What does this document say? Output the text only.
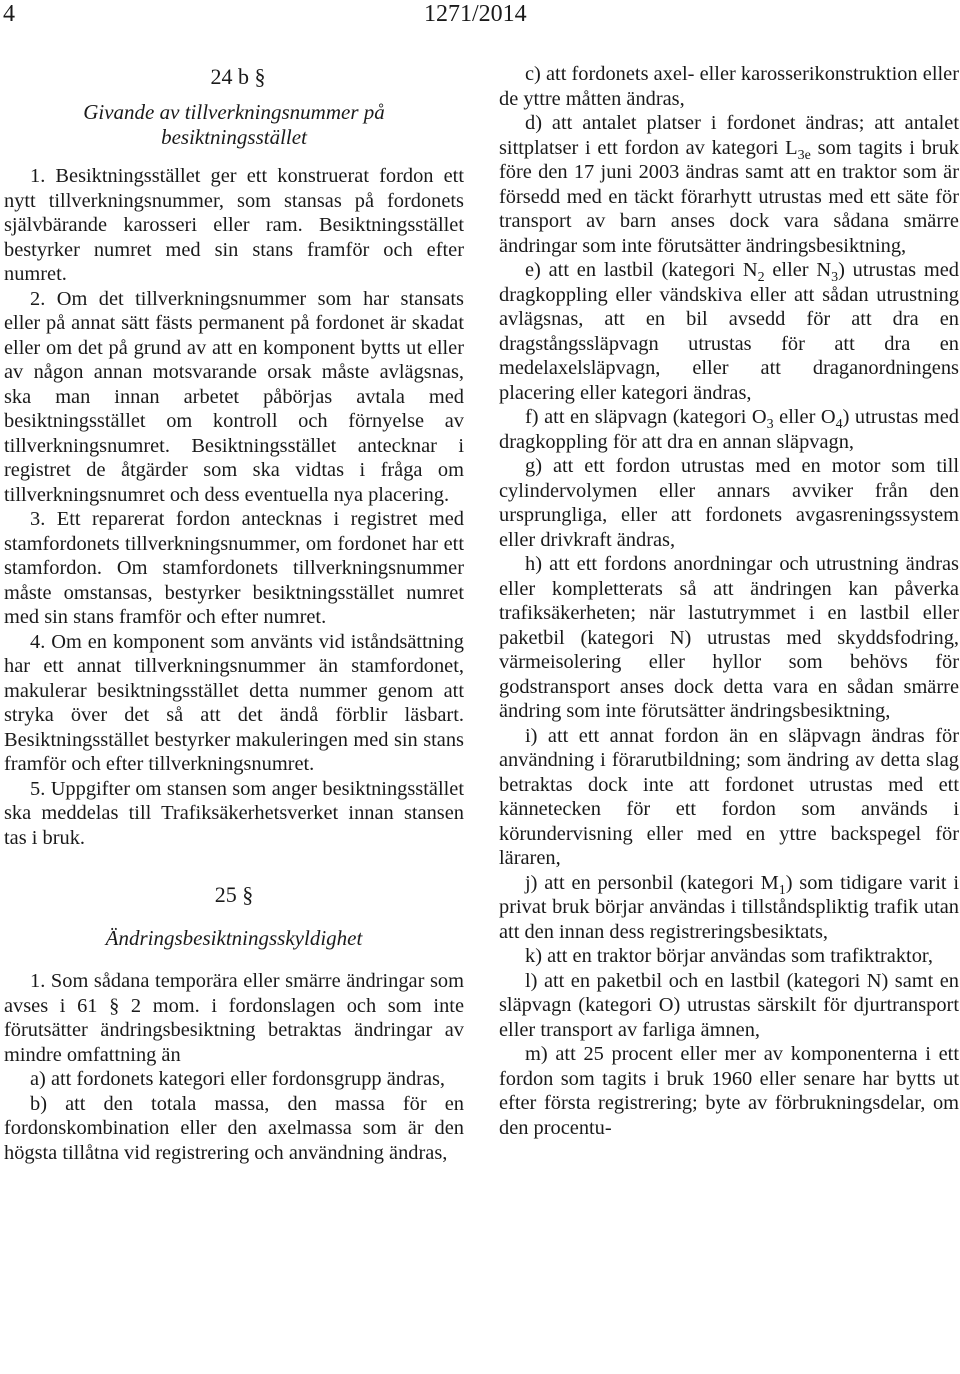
4	1271/2014

24 b §

Givande av tillverkningsnummer på besiktningsstället

1. Besiktningsstället ger ett konstruerat fordon ett nytt tillverkningsnummer, som stansas på fordonets självbärande karosseri eller ram. Besiktningsstället bestyrker numret med sin stans framför och efter numret.

2. Om det tillverkningsnummer som har stansats eller på annat sätt fästs permanent på fordonet är skadat eller om det på grund av att en komponent bytts ut eller av någon annan motsvarande orsak måste avlägsnas, ska man innan arbetet påbörjas avtala med besiktningsstället om kontroll och förnyelse av tillverkningsnumret. Besiktningsstället antecknar i registret de åtgärder som ska vidtas i fråga om tillverkningsnumret och dess eventuella nya placering.

3. Ett reparerat fordon antecknas i registret med stamfordonets tillverkningsnummer, om fordonet har ett stamfordon. Om stamfordonets tillverkningsnummer måste omstansas, bestyrker besiktningsstället numret med sin stans framför och efter numret.

4. Om en komponent som använts vid iståndsättning har ett annat tillverkningsnummer än stamfordonet, makulerar besiktningsstället detta nummer genom att stryka över det så att det ändå förblir läsbart. Besiktningsstället bestyrker makuleringen med sin stans framför och efter tillverkningsnumret.

5. Uppgifter om stansen som anger besiktningsstället ska meddelas till Trafiksäkerhetsverket innan stansen tas i bruk.

25 §

Ändringsbesiktningsskyldighet

1. Som sådana temporära eller smärre ändringar som avses i 61 § 2 mom. i fordonslagen och som inte förutsätter ändringsbesiktning betraktas ändringar av mindre omfattning än

a) att fordonets kategori eller fordonsgrupp ändras,

b) att den totala massa, den massa för en fordonskombination eller den axelmassa som är den högsta tillåtna vid registrering och användning ändras,

c) att fordonets axel- eller karosserikonstruktion eller de yttre måtten ändras,

d) att antalet platser i fordonet ändras; att antalet sittplatser i ett fordon av kategori $L_{3e}$ som tagits i bruk före den 17 juni 2003 ändras samt att en traktor som är försedd med en täckt förarhytt utrustas med ett säte för transport av barn anses dock vara sådana smärre ändringar som inte förutsätter ändringsbesiktning,

e) att en lastbil (kategori $N_2$ eller $N_3$) utrustas med dragkoppling eller vändskiva eller att sådan utrustning avlägsnas, att en bil avsedd för att dra en dragstångssläpvagn utrustas för att dra en medelaxelsläpvagn, eller att draganordningens placering eller kategori ändras,

f) att en släpvagn (kategori $O_3$ eller $O_4$) utrustas med dragkoppling för att dra en annan släpvagn,

g) att ett fordon utrustas med en motor som till cylindervolymen eller annars avviker från den ursprungliga, eller att fordonets avgasreningssystem eller drivkraft ändras,

h) att ett fordons anordningar och utrustning ändras eller kompletterats så att ändringen kan påverka trafiksäkerheten; när lastutrymmet i en lastbil eller paketbil (kategori N) utrustas med skyddsfodring, värmeisolering eller hyllor som behövs för godstransport anses dock detta vara en sådan smärre ändring som inte förutsätter ändringsbesiktning,

i) att ett annat fordon än en släpvagn ändras för användning i förarutbildning; som ändring av detta slag betraktas dock inte att fordonet utrustas med ett kännetecken för ett fordon som används i körundervisning eller med en yttre backspegel för läraren,

j) att en personbil (kategori $M_1$) som tidigare varit i privat bruk börjar användas i tillståndspliktig trafik utan att den innan dess registreringsbesiktats,

k) att en traktor börjar användas som trafiktraktor,

l) att en paketbil och en lastbil (kategori N) samt en släpvagn (kategori O) utrustas särskilt för djurtransport eller transport av farliga ämnen,

m) att 25 procent eller mer av komponenterna i ett fordon som tagits i bruk 1960 eller senare har bytts ut efter första registrering; byte av förbrukningsdelar, om den procentu-
